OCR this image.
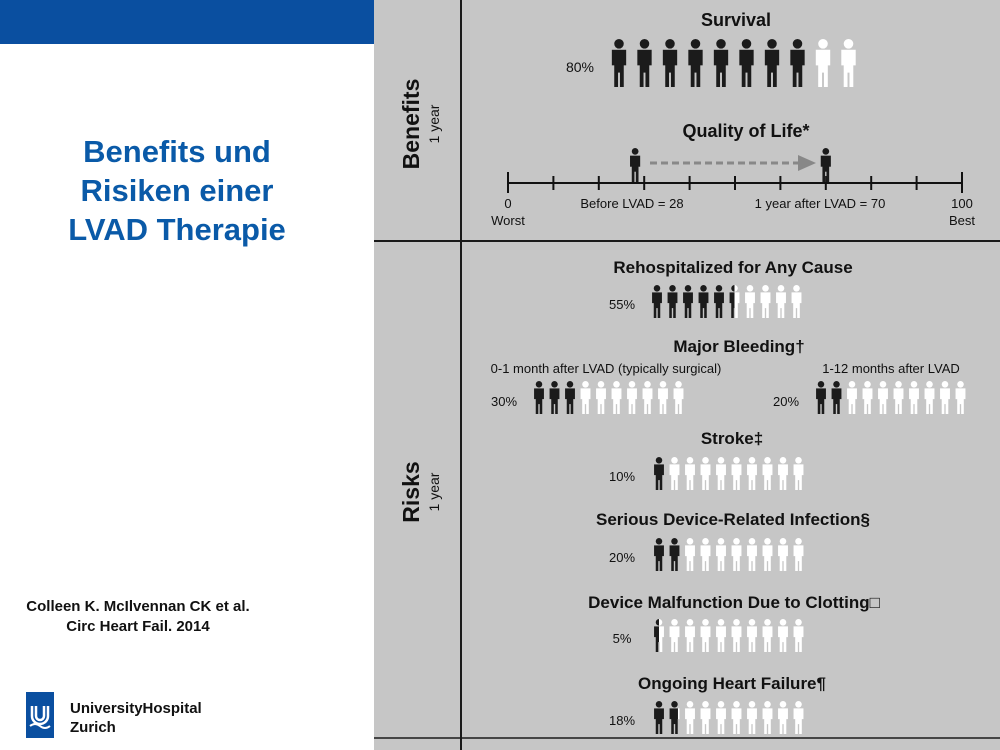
Benefits und
Risiken einer
LVAD Therapie
Colleen K. McIlvennan CK et al.
Circ Heart Fail. 2014
UniversityHospital
Zurich
Benefits 1 year
Risks 1 year
Survival
80%
Quality of Life*
0
Worst
100
Best
Before LVAD = 28	1 year after LVAD = 70
Rehospitalized for Any Cause
55%
Major Bleeding†
0-1 month after LVAD (typically surgical)	1-12 months after LVAD
30%	20%
Stroke‡
10%
Serious Device-Related Infection§
20%
Device Malfunction Due to Clotting□
5%
Ongoing Heart Failure¶
18%
